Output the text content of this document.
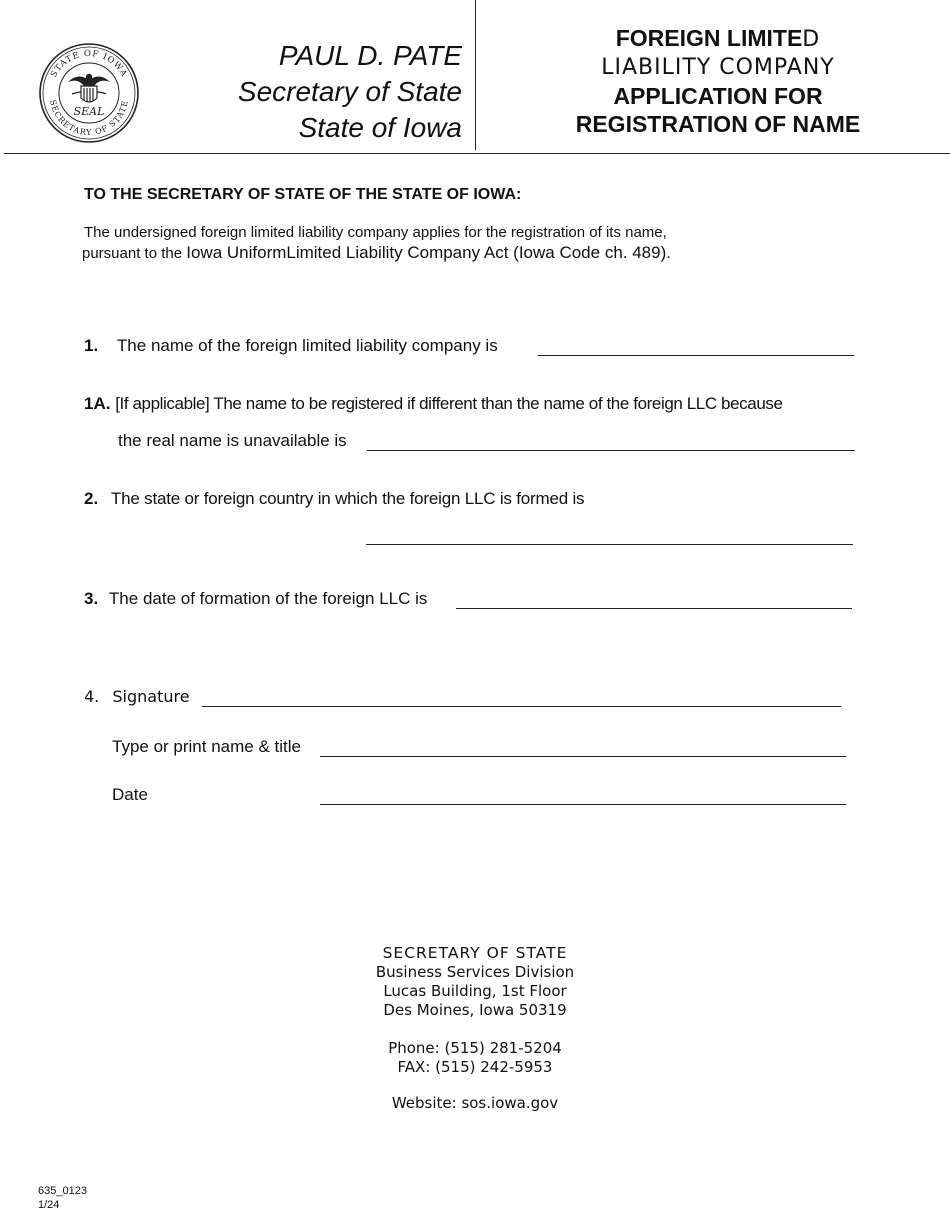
STATE OF IOWA
SECRETARY OF STATE
SEAL
PAUL D. PATE
Secretary of State
State of Iowa
FOREIGN LIMITED
LIABILITY COMPANY
APPLICATION FOR
REGISTRATION OF NAME
TO THE SECRETARY OF STATE OF THE STATE OF IOWA:
The undersigned foreign limited liability company applies for the registration of its name,
pursuant to the Iowa UniformLimited Liability Company Act (Iowa Code ch. 489).
1. The name of the foreign limited liability company is
1A. [If applicable] The name to be registered if different than the name of the foreign LLC because
the real name is unavailable is
2. The state or foreign country in which the foreign LLC is formed is
3. The date of formation of the foreign LLC is
4. Signature
Type or print name & title
Date
SECRETARY OF STATE
Business Services Division
Lucas Building, 1st Floor
Des Moines, Iowa 50319
Phone: (515) 281-5204
FAX: (515) 242-5953
Website: sos.iowa.gov
635_0123
1/24
